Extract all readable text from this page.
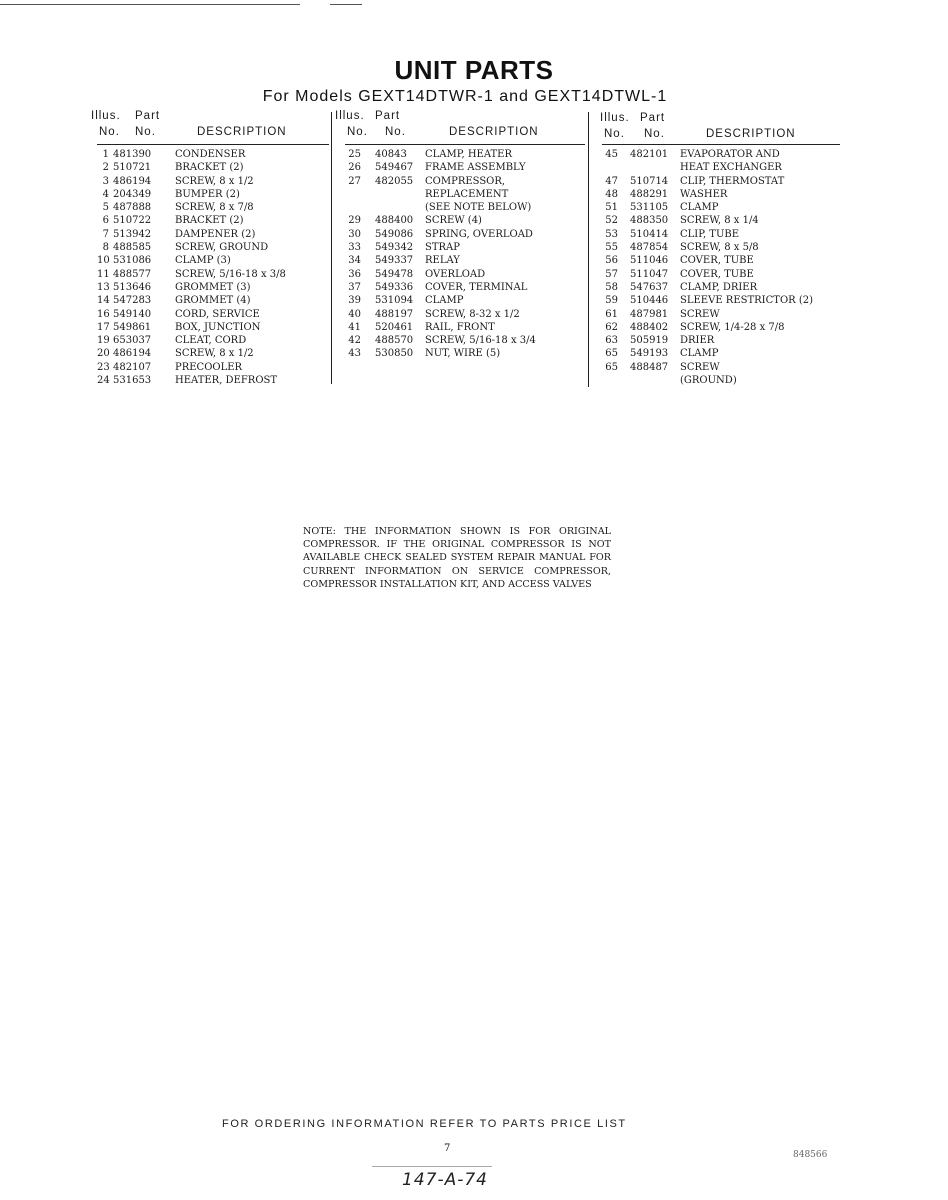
UNIT PARTS
For Models GEXT14DTWR-1 and GEXT14DTWL-1
Illus. Part
No. No.	DESCRIPTION
1 481390 CONDENSER
2 510721 BRACKET (2)
3 486194 SCREW, 8 x 1/2
4 204349 BUMPER (2)
5 487888 SCREW, 8 x 7/8
6 510722 BRACKET (2)
7 513942 DAMPENER (2)
8 488585 SCREW, GROUND
10 531086 CLAMP (3)
11 488577 SCREW, 5/16-18 x 3/8
13 513646 GROMMET (3)
14 547283 GROMMET (4)
16 549140 CORD, SERVICE
17 549861 BOX, JUNCTION
19 653037 CLEAT, CORD
20 486194 SCREW, 8 x 1/2
23 482107 PRECOOLER
24 531653 HEATER, DEFROST
Illus. Part
No. No.	DESCRIPTION
25 40843 CLAMP, HEATER
26 549467 FRAME ASSEMBLY
27 482055 COMPRESSOR,
REPLACEMENT
(SEE NOTE BELOW)
29 488400 SCREW (4)
30 549086 SPRING, OVERLOAD
33 549342 STRAP
34 549337 RELAY
36 549478 OVERLOAD
37 549336 COVER, TERMINAL
39 531094 CLAMP
40 488197 SCREW, 8-32 x 1/2
41 520461 RAIL, FRONT
42 488570 SCREW, 5/16-18 x 3/4
43 530850 NUT, WIRE (5)
Illus. Part
No. No.	DESCRIPTION
45 482101 EVAPORATOR AND
HEAT EXCHANGER
47 510714 CLIP, THERMOSTAT
48 488291 WASHER
51 531105 CLAMP
52 488350 SCREW, 8 x 1/4
53 510414 CLIP, TUBE
55 487854 SCREW, 8 x 5/8
56 511046 COVER, TUBE
57 511047 COVER, TUBE
58 547637 CLAMP, DRIER
59 510446 SLEEVE RESTRICTOR (2)
61 487981 SCREW
62 488402 SCREW, 1/4-28 x 7/8
63 505919 DRIER
65 549193 CLAMP
65 488487 SCREW
(GROUND)
NOTE: THE INFORMATION SHOWN IS FOR ORIGINAL COMPRESSOR. IF THE ORIGINAL COMPRESSOR IS NOT AVAILABLE CHECK SEALED SYSTEM REPAIR MANUAL FOR CURRENT INFORMATION ON SERVICE COMPRESSOR, COMPRESSOR INSTALLATION KIT, AND ACCESS VALVES
FOR ORDERING INFORMATION REFER TO PARTS PRICE LIST
7
848566
147-A-74
